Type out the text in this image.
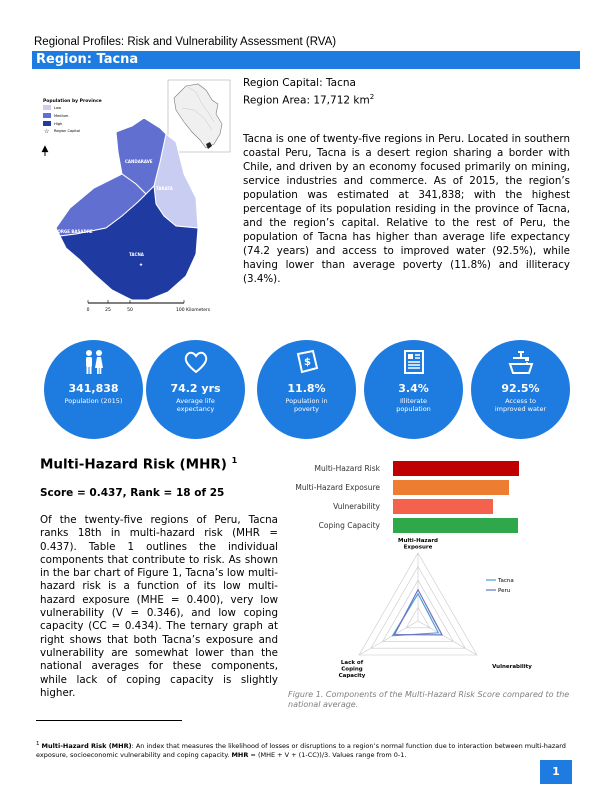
Regional Profiles: Risk and Vulnerability Assessment (RVA)
Region: Tacna
Population by Province
Low
Medium
High
☆ Region Capital
▲
CANDARAVE
TARATA
JORGE BASADRE
TACNA
★
0	25	50	100 Kilometers
Region Capital: Tacna
Region Area: 17,712 $km^2$
Tacna is one of twenty-five regions in Peru. Located in southern coastal Peru, Tacna is a desert region sharing a border with Chile, and driven by an economy focused primarily on mining, service industries and commerce. As of 2015, the region’s population was estimated at 341,838; with the highest percentage of its population residing in the province of Tacna, and the region’s capital. Relative to the rest of Peru, the population of Tacna has higher than average life expectancy (74.2 years) and access to improved water (92.5%), while having lower than average poverty (11.8%) and illiteracy (3.4%).
341,838
Population (2015)
74.2 yrs
Average life expectancy
$
11.8%
Population in poverty
3.4%
Illiterate population
92.5%
Access to improved water
Multi-Hazard Risk (MHR) $^1$
Score = 0.437, Rank = 18 of 25
Of the twenty-five regions of Peru, Tacna ranks 18th in multi-hazard risk (MHR = 0.437). Table 1 outlines the individual components that contribute to risk. As shown in the bar chart of Figure 1, Tacna’s low multi-hazard risk is a function of its low multi-hazard exposure (MHE = 0.400), very low vulnerability (V = 0.346), and low coping capacity (CC = 0.434). The ternary graph at right shows that both Tacna’s exposure and vulnerability are somewhat lower than the national averages for these components, while lack of coping capacity is slightly higher.
Multi-Hazard Risk
Multi-Hazard Exposure
Vulnerability
Coping Capacity
Multi-Hazard Exposure
Vulnerability
Lack of Coping Capacity
Tacna
Peru
Figure 1. Components of the Multi-Hazard Risk Score compared to the national average.
$^1$ Multi-Hazard Risk (MHR): An index that measures the likelihood of losses or disruptions to a region’s normal function due to interaction between multi-hazard exposure, socioeconomic vulnerability and coping capacity. MHR = (MHE + V + (1-CC))/3. Values range from 0-1.
1
